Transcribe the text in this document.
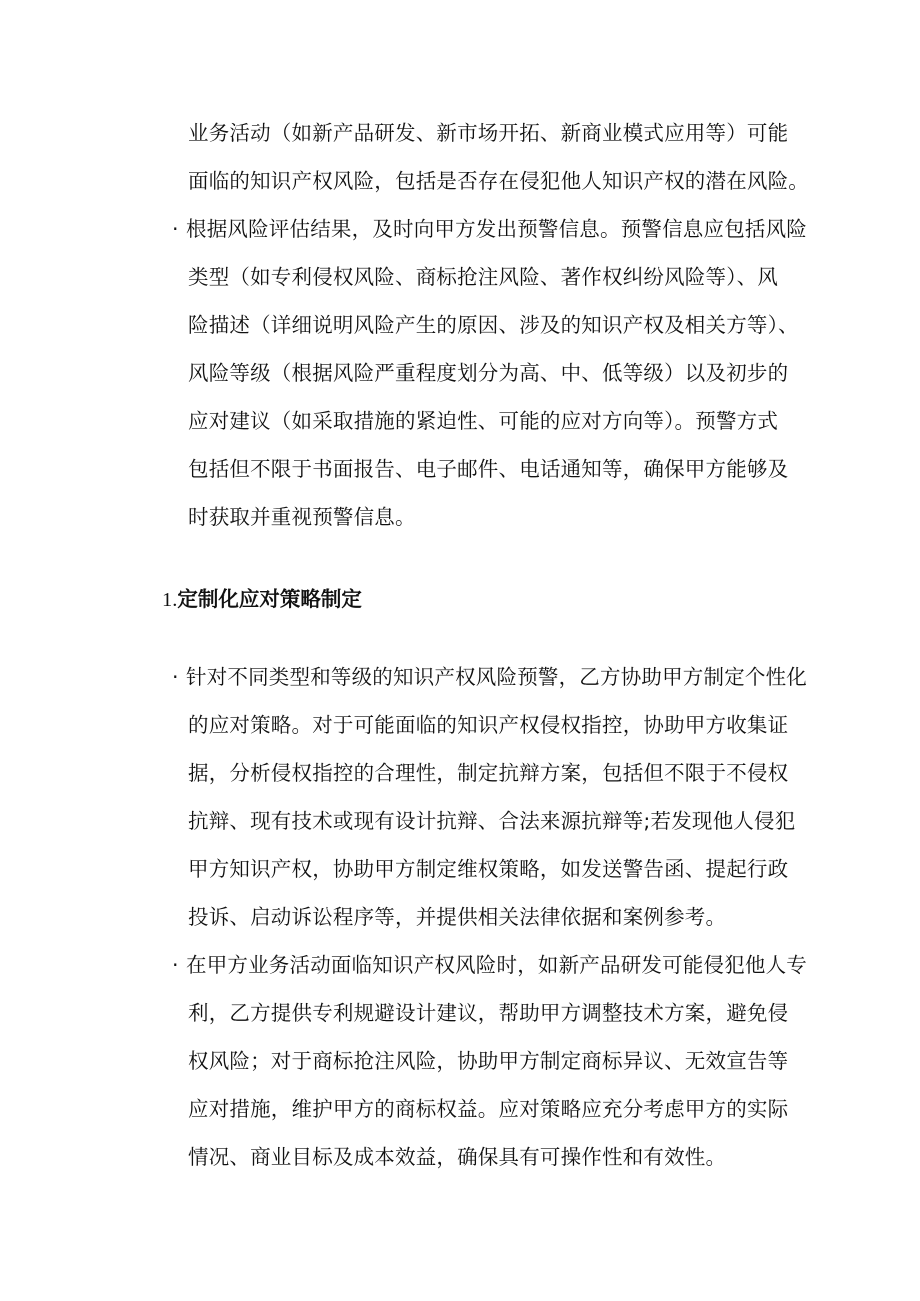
业务活动（如新产品研发、新市场开拓、新商业模式应用等）可能
面临的知识产权风险，包括是否存在侵犯他人知识产权的潜在风险。
· 根据风险评估结果，及时向甲方发出预警信息。预警信息应包括风险
类型（如专利侵权风险、商标抢注风险、著作权纠纷风险等）、风
险描述（详细说明风险产生的原因、涉及的知识产权及相关方等）、
风险等级（根据风险严重程度划分为高、中、低等级）以及初步的
应对建议（如采取措施的紧迫性、可能的应对方向等）。预警方式
包括但不限于书面报告、电子邮件、电话通知等，确保甲方能够及
时获取并重视预警信息。
1.定制化应对策略制定
· 针对不同类型和等级的知识产权风险预警，乙方协助甲方制定个性化
的应对策略。对于可能面临的知识产权侵权指控，协助甲方收集证
据，分析侵权指控的合理性，制定抗辩方案，包括但不限于不侵权
抗辩、现有技术或现有设计抗辩、合法来源抗辩等;若发现他人侵犯
甲方知识产权，协助甲方制定维权策略，如发送警告函、提起行政
投诉、启动诉讼程序等，并提供相关法律依据和案例参考。
· 在甲方业务活动面临知识产权风险时，如新产品研发可能侵犯他人专
利，乙方提供专利规避设计建议，帮助甲方调整技术方案，避免侵
权风险；对于商标抢注风险，协助甲方制定商标异议、无效宣告等
应对措施，维护甲方的商标权益。应对策略应充分考虑甲方的实际
情况、商业目标及成本效益，确保具有可操作性和有效性。
